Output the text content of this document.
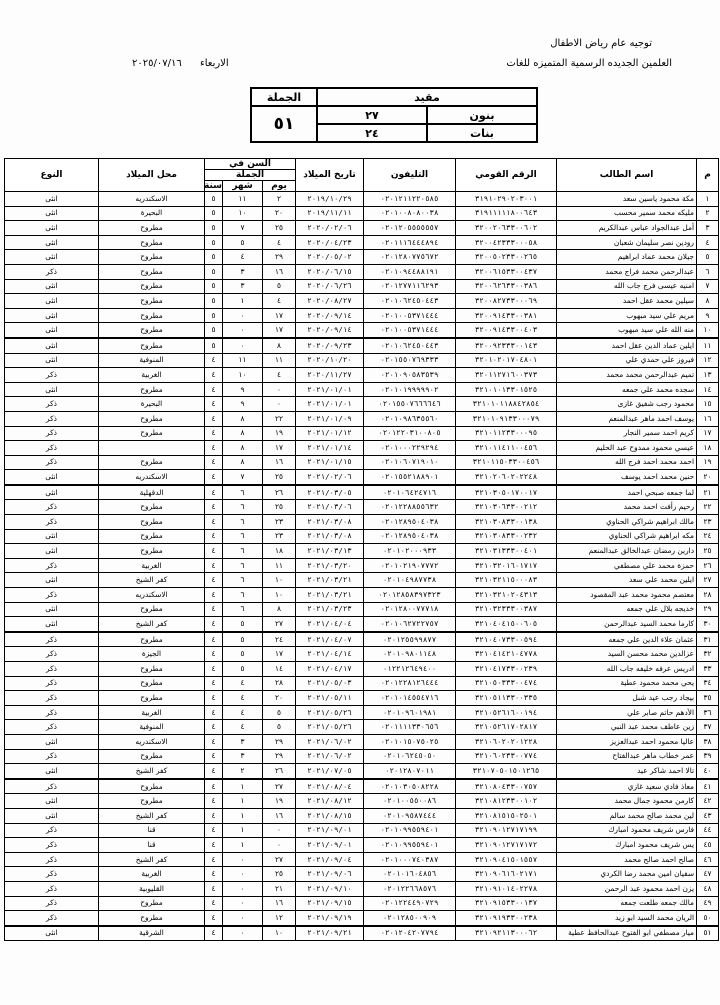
توجيه عام رياض الاطفال
العلمين الجديده الرسمية المتميزه للغات
الاربعاء
٢٠٢٥/٠٧/١٦
مقيد		الجملة
بنون	٢٧	٥١
بنات	٢٤	
م	اسم الطالب	الرقم القومي	التليفون	تاريخ الميلاد	السن في			محل الميلاد	النوع
					الجملة				
					يوم	شهر	سنة		
١	مكة محمود ياسين سعد	٣١٩١٠٢٩٠٢٠٣٠٠١	٠٢٠١٢١١٢٢٠٥٨٥	٢٠١٩/١٠/٢٩	٢	١١	٥	الاسكندريه	انثى
٢	مليكه محمد سمير محسب	٣١٩١١١١١٨٠٠٦٤٣	٠٢٠١٠٠٨٠٨٠٠٣٨	٢٠١٩/١١/١١	٢٠	١٠	٥	البحيرة	انثى
٣	أمل عبدالجواد عباس عبدالكريم	٣٢٠٠٢٠٦٣٣٠٠٦٠٢	٠٢٠١٢٠٥٥٥٥٥٥٧	٢٠٢٠/٠٢/٠٦	٢٥	٧	٥	مطروح	انثى
٤	رودين نصر سليمان شعبان	٣٢٠٠٤٢٣٣٣٠٠٠٥٨	٠٢٠١١١٦٤٤٤٨٩٤	٢٠٢٠/٠٤/٢٣	٤	٥	٥	مطروح	انثى
٥	جيلان محمد عماد ابراهيم	٣٢٠٠٥٠٢٣٣٠٠٢٦٥	٠٢٠١٢٨٠٧٧٥٦٧٢	٢٠٢٠/٠٥/٠٢	٢٩	٤	٥	مطروح	انثى
٦	عبدالرحمن محمد فراج محمد	٣٢٠٠٦١٥٣٣٠٠٤٣٧	٠٢٠١٠٩٤٤٨٨١٩١	٢٠٢٠/٠٦/١٥	١٦	٣	٥	مطروح	ذكر
٧	امنيه عيسى فرج جاب الله	٣٢٠٠٦٢٦٣٣٠٠٣٨٦	٠٢٠١٢٧٧١١٦٢٩٣	٢٠٢٠/٠٦/٢٦	٥	٣	٥	مطروح	انثى
٨	سيلين محمد عقل احمد	٣٢٠٠٨٢٧٣٣٠٠٠٦٩	٠٢٠١٠٦٢٤٥٠٤٤٣	٢٠٢٠/٠٨/٢٧	٤	١	٥	مطروح	انثى
٩	مريم علي سيد مبهوب	٣٢٠٠٩١٤٣٣٠٠٣٨١	٠٢٠١٠٠٥٣٧١٤٤٤	٢٠٢٠/٠٩/١٤	١٧	٠	٥	مطروح	انثى
١٠	منه الله علي سيد مبهوب	٣٢٠٠٩١٤٣٣٠٠٤٠٣	٠٢٠١٠٠٥٣٧١٤٤٤	٢٠٢٠/٠٩/١٤	١٧	٠	٥	مطروح	انثى
١١	ايلين عماد الدين عقل احمد	٣٢٠٠٩٢٣٣٣٠٠١٤٣	٠٢٠١٠٦٢٤٥٠٤٤٣	٢٠٢٠/٠٩/٢٣	٨	٠	٥	مطروح	انثى
١٢	فيروز علي حمدي علي	٣٢٠١٠٢٠١٧٠٤٨٠١	٠٢٠١٥٥٠٧٦٩٣٣٣	٢٠٢٠/١٠/٢٠	١١	١١	٤	المنوفية	انثى
١٣	تميم عبدالرحمن محمد محمد	٣٢٠١١٢٧١٦٠٠٣٧٣	٠٢٠١٠٩٠٥٨٣٥٣٩	٢٠٢٠/١١/٢٧	٤	١٠	٤	الغربية	ذكر
١٤	سجده محمد علي جمعه	٣٢١٠١٠١٣٣٠١٥٢٥	٠٢٠١٠١٩٩٩٩٩٠٢	٢٠٢١/٠١/٠١	٠	٩	٤	مطروح	انثى
١٥	محمود رجب شفيق غازى	٣٢١٠١٠١١٨٨٤٢٨٥٤	٠٢٠١٥٥٠٧٦٦٦٦٤٦	٢٠٢١/٠١/٠١	٠	٩	٤	البحيرة	ذكر
١٦	يوسف احمد ماهر عبدالمنعم	٣٢١٠١٠٩١٣٣٠٠٠٧٩	٠٢٠١٠٩٨٦٣٥٥٦٠	٢٠٢١/٠١/٠٩	٢٢	٨	٤	مطروح	ذكر
١٧	كريم احمد سمير النجار	٣٢١٠١١٢٣٣٠٠٠٩٥	٠٢٠١٢٢٠٣١٠٠٨٠٥	٢٠٢١/٠١/١٢	١٩	٨	٤	مطروح	ذكر
١٨	عيسي محمود ممدوح عبد الحليم	٣٢١٠١١٤١١٠٠٤٥٦	٠٢٠١٠٠٠٢٢٩٢٩٤	٢٠٢١/٠١/١٤	١٧	٨	٤		ذكر
١٩	احمد محمد احمد فرج الله	٣٢١٠١١٥٠٣٣٠٠٤٥٦	٠٢٠١٠٦٠٧١٩٠١٠	٢٠٢١/٠١/١٥	١٦	٨	٤	مطروح	ذكر
٢٠	حنين محمد احمد يوسف	٣٢١٠٢٠٦٠٢٠٢٢٤٨	٠٢٠١٥٥٢١٨٨٩٠١	٢٠٢١/٠٢/٠٦	٢٥	٧	٤	الاسكندريه	انثى
٢١	لما جمعه صبحي احمد	٣٢١٠٣٠٥٠١٧٠٠١٧	٠٢٠١٠٦٤٢٤٧١٦	٢٠٢١/٠٣/٠٥	٢٦	٦	٤	الدقهلية	انثى
٢٢	رحيم رأفت احمد محمد	٣٢١٠٣٠٦٣٣٠٠٢١٢	٠٢٠١٢٢٨٨٥٥٦٣٢	٢٠٢١/٠٣/٠٦	٢٥	٦	٤	مطروح	ذكر
٢٣	مالك ابراهيم شراكي الحناوي	٣٢١٠٣٠٨٣٣٠٠١٣٨	٠٢٠١٢٨٩٥٠٤٠٣٨	٢٠٢١/٠٣/٠٨	٢٣	٦	٤	مطروح	ذكر
٢٤	مكه ابراهيم شراكي الحناوي	٣٢١٠٣٠٨٣٣٠٠٢٣٢	٠٢٠١٢٨٩٥٠٤٠٣٨	٢٠٢١/٠٣/٠٨	٢٣	٦	٤	مطروح	انثى
٢٥	دارين رمضان عبدالخالق عبدالمنعم	٣٢١٠٣١٣٣٣٠٠٤٠١	٠٢٠١٠٢٠٠٠٩٣٣	٢٠٢١/٠٣/١٣	١٨	٦	٤	مطروح	انثى
٢٦	حمزة محمد علي مصطفي	٣٢١٠٣٢٠١٦٠١٧١٧	٠٢٠١٠٢١٩٠٧٧٧٢	٢٠٢١/٠٣/٢٠	١١	٦	٤	الغربية	ذكر
٢٧	ايلين محمد علي سعد	٣٢١٠٣٢١١٥٠٠٠٨٣	٠٢٠١٠٤٩٨٧٧٣٨	٢٠٢١/٠٣/٢١	١٠	٦	٤	كفر الشيخ	انثى
٢٨	معتصم محمود محمد عبد المقصود	٣٢١٠٣٢١٠٢٠٤٣١٣	٠٢٠١٢٨٥٨٣٩٧٣٢٣	٢٠٢١/٠٣/٢١	١٠	٦	٤	الاسكندريه	ذكر
٢٩	خديجه بلال علي جمعه	٣٢١٠٣٢٣٣٣٠٠٣٨٧	٠٢٠١٢٨٠٠٧٧٧١٨	٢٠٢١/٠٣/٢٣	٨	٦	٤	مطروح	انثى
٣٠	كارما محمد السيد عبدالرحمن	٣٢١٠٤٠٤١٥٠٠٦٠٥	٠٢٠١٠٦٢٧٢٢٧٥٧	٢٠٢١/٠٤/٠٤	٢٧	٥	٤	كفر الشيخ	انثى
٣١	عثمان علاء الدين علي جمعه	٣٢١٠٤٠٧٣٣٠٠٥٩٤	٠٢٠١٢٥٥٩٩٨٧٧	٢٠٢١/٠٤/٠٧	٢٤	٥	٤	مطروح	ذكر
٣٢	عزالدين محمد محسن السيد	٣٢١٠٤١٤٢١٠٤٧٧٨	٠٢٠١٠٩٨٠١١٤٨	٢٠٢١/٠٤/١٤	١٧	٥	٤	الجيزة	ذكر
٣٣	ادريس عرفه خليفه جاب الله	٣٢١٠٤١٧٣٣٠٠٢٣٩	٠١٢٢١٢٦٤٩٤٠٠	٢٠٢١/٠٤/١٧	١٤	٥	٤	مطروح	ذكر
٣٤	يحي محمد محمود عطية	٣٢١٠٥٠٣٣٣٠٠٤٧٤	٠٢٠١٢٢٨١٢٦٤٤٤	٢٠٢١/٠٥/٠٣	٢٨	٤	٤	مطروح	ذكر
٣٥	بيجاد رجب عيد شبل	٣٢١٠٥١١٣٣٠٠٣٣٥	٠٢٠١٠١٤٥٥٤٧١٦	٢٠٢١/٠٥/١١	٢٠	٤	٤	مطروح	ذكر
٣٦	الأدهم حاتم صابر علي	٣٢١٠٥٢٦١٦٠٠١٩٤	٠٢٠١٠٩٦٠١٩٨١	٢٠٢١/٠٥/٢٦	٥	٤	٤	الغربية	ذكر
٣٧	زين عاطف محمد عبد النبي	٣٢١٠٥٢٦١٧٠٢٨١٧	٠٢٠١١١١٣٣٠٦٥٦	٢٠٢١/٠٥/٢٦	٥	٤	٤	المنوفية	ذكر
٣٨	عاليا محمود احمد عبدالعزيز	٣٢١٠٦٠٢٠٢٠١٢٢٨	٠٢٠١٠١٥٠٧٥٠٢٥	٢٠٢١/٠٦/٠٢	٢٩	٣	٤	الاسكندريه	انثى
٣٩	عمر خطاب ماهر عبدالفتاح	٣٢١٠٦٠٢٣٣٠٠٧٧٤	٠٢٠١٠٦٢٤٥٠٥٠	٢٠٢١/٠٦/٠٢	٢٩	٣	٤	مطروح	ذكر
٤٠	تالا احمد شاكر عيد	٣٢١٠٧٠٥٠١٥٠١٢٦٥	٠٢٠١٢٨٠٧٠١١	٢٠٢١/٠٧/٠٥	٢٦	٢	٤	كفر الشيخ	انثى
٤١	معاذ فادي سعيد غازي	٣٢١٠٨٠٤٣٣٠٠٧٥٧	٠٢٠١٠٣٠٥٠٨٢٢٨	٢٠٢١/٠٨/٠٤	٢٧	١	٤	مطروح	ذكر
٤٢	كارمن محمود جمال محمد	٣٢١٠٨١٢٣٣٠٠١٠٢	٠٢٠١٠٠٥٥٠٠٨٦	٢٠٢١/٠٨/١٢	١٩	١	٤	مطروح	انثى
٤٣	لين محمد صالح محمد سالم	٣٢١٠٨١٥١٥٠٢٥٠١	٠٢٠١٠٩٥٨٧٤٤٤	٢٠٢١/٠٨/١٥	١٦	١	٤	كفر الشيخ	انثى
٤٤	فارس شريف محمود امبارك	٣٢١٠٩٠١٢٧١٧١٩٩	٠٢٠١٠٩٩٥٥٩٤٠١	٢٠٢١/٠٩/٠١	٠	١	٤	قنا	ذكر
٤٥	يس شريف محمود امبارك	٣٢١٠٩٠١٢٧١٧١٧٢	٠٢٠١٠٩٩٥٥٩٤٠١	٢٠٢١/٠٩/٠١	٠	١	٤	قنا	ذكر
٤٦	صالح احمد صالح محمد	٣٢١٠٩٠٤١٥٠١٥٥٧	٠٢٠١٠٠٠٧٤٠٣٨٧	٢٠٢١/٠٩/٠٤	٢٧	٠	٤	كفر الشيخ	ذكر
٤٧	سفيان امين محمد رضا الكردي	٣٢١٠٩٠٦١٦٠٢١٧١	٠٢٠١٠١٦٠٤٨٥٦	٢٠٢١/٠٩/٠٦	٢٥	٠	٤	الغربية	ذكر
٤٨	يزن احمد محمود عبد الرحمن	٣٢١٠٩١٠١٤٠٢٢٧٨	٠٢٠١٢٢٦٦٨٥٧٦	٢٠٢١/٠٩/١٠	٢١	٠	٤	القليوبية	ذكر
٤٩	مالك جمعه طلعت جمعه	٣٢١٠٩١٥٣٣٠٠١٣٧	٠٢٠١٢٢٤٤٩٠٧٢٩	٢٠٢١/٠٩/١٥	١٦	٠	٤	مطروح	ذكر
٥٠	الريان محمد السيد ابو زيد	٣٢١٠٩١٩٣٣٠٠٢٣٨	٠٢٠١٢٨٥٠٠٩٠٩	٢٠٢١/٠٩/١٩	١٢	٠	٤	مطروح	ذكر
٥١	ميار مصطفي ابو الفتوح عبدالحافظ عطية	٣٢١٠٩٢١١٣٠٠٠٦٢	٠٢٠١٢٠٤٢٠٧٧٩٤	٢٠٢١/٠٩/٢١	١٠	٠	٤	الشرقية	انثى
